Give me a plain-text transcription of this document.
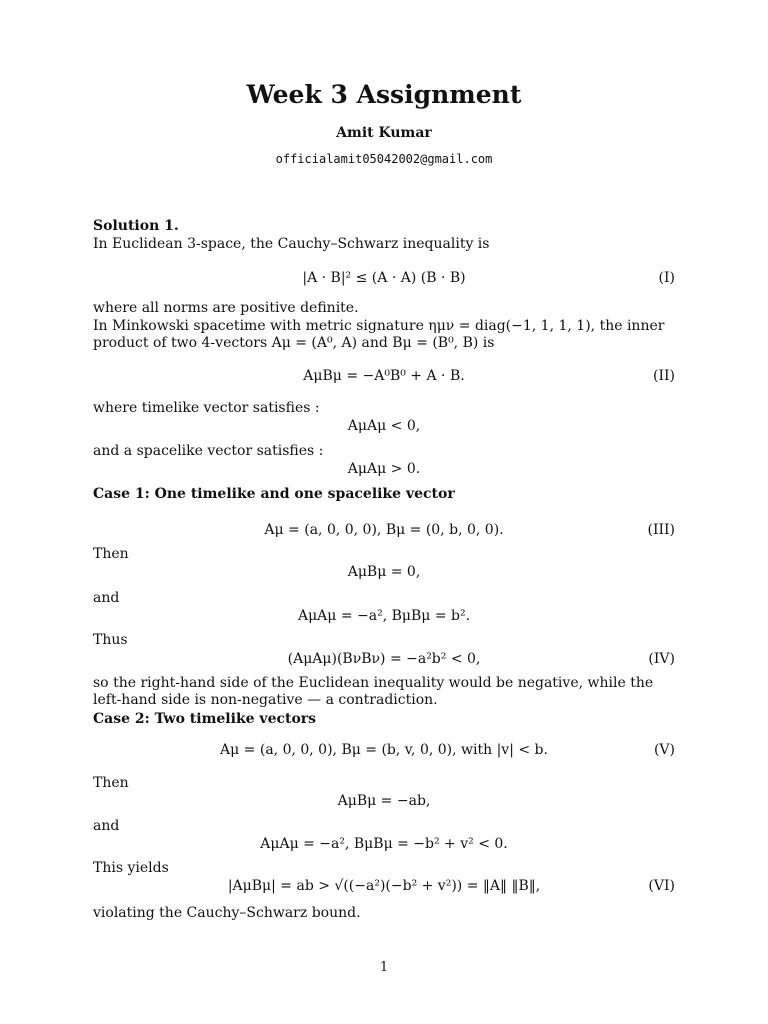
Week 3 Assignment
Amit Kumar
officialamit05042002@gmail.com
Solution 1.
In Euclidean 3-space, the Cauchy–Schwarz inequality is
|A · B|² ≤ (A · A) (B · B)	(I)
where all norms are positive definite.
In Minkowski spacetime with metric signature ημν = diag(−1, 1, 1, 1), the inner product of two 4-vectors Aμ = (A⁰, A) and Bμ = (B⁰, B) is
AμBμ = −A⁰B⁰ + A · B.	(II)
where timelike vector satisfies :
AμAμ < 0,
and a spacelike vector satisfies :
AμAμ > 0.
Case 1: One timelike and one spacelike vector
Aμ = (a, 0, 0, 0), Bμ = (0, b, 0, 0).	(III)
Then
AμBμ = 0,
and
AμAμ = −a², BμBμ = b².
Thus
(AμAμ)(BνBν) = −a²b² < 0,	(IV)
so the right-hand side of the Euclidean inequality would be negative, while the left-hand side is non-negative — a contradiction.
Case 2: Two timelike vectors
Aμ = (a, 0, 0, 0), Bμ = (b, v, 0, 0), with |v| < b.	(V)
Then
AμBμ = −ab,
and
AμAμ = −a², BμBμ = −b² + v² < 0.
This yields
|AμBμ| = ab > √((−a²)(−b² + v²)) = ‖A‖ ‖B‖,	(VI)
violating the Cauchy–Schwarz bound.
1
